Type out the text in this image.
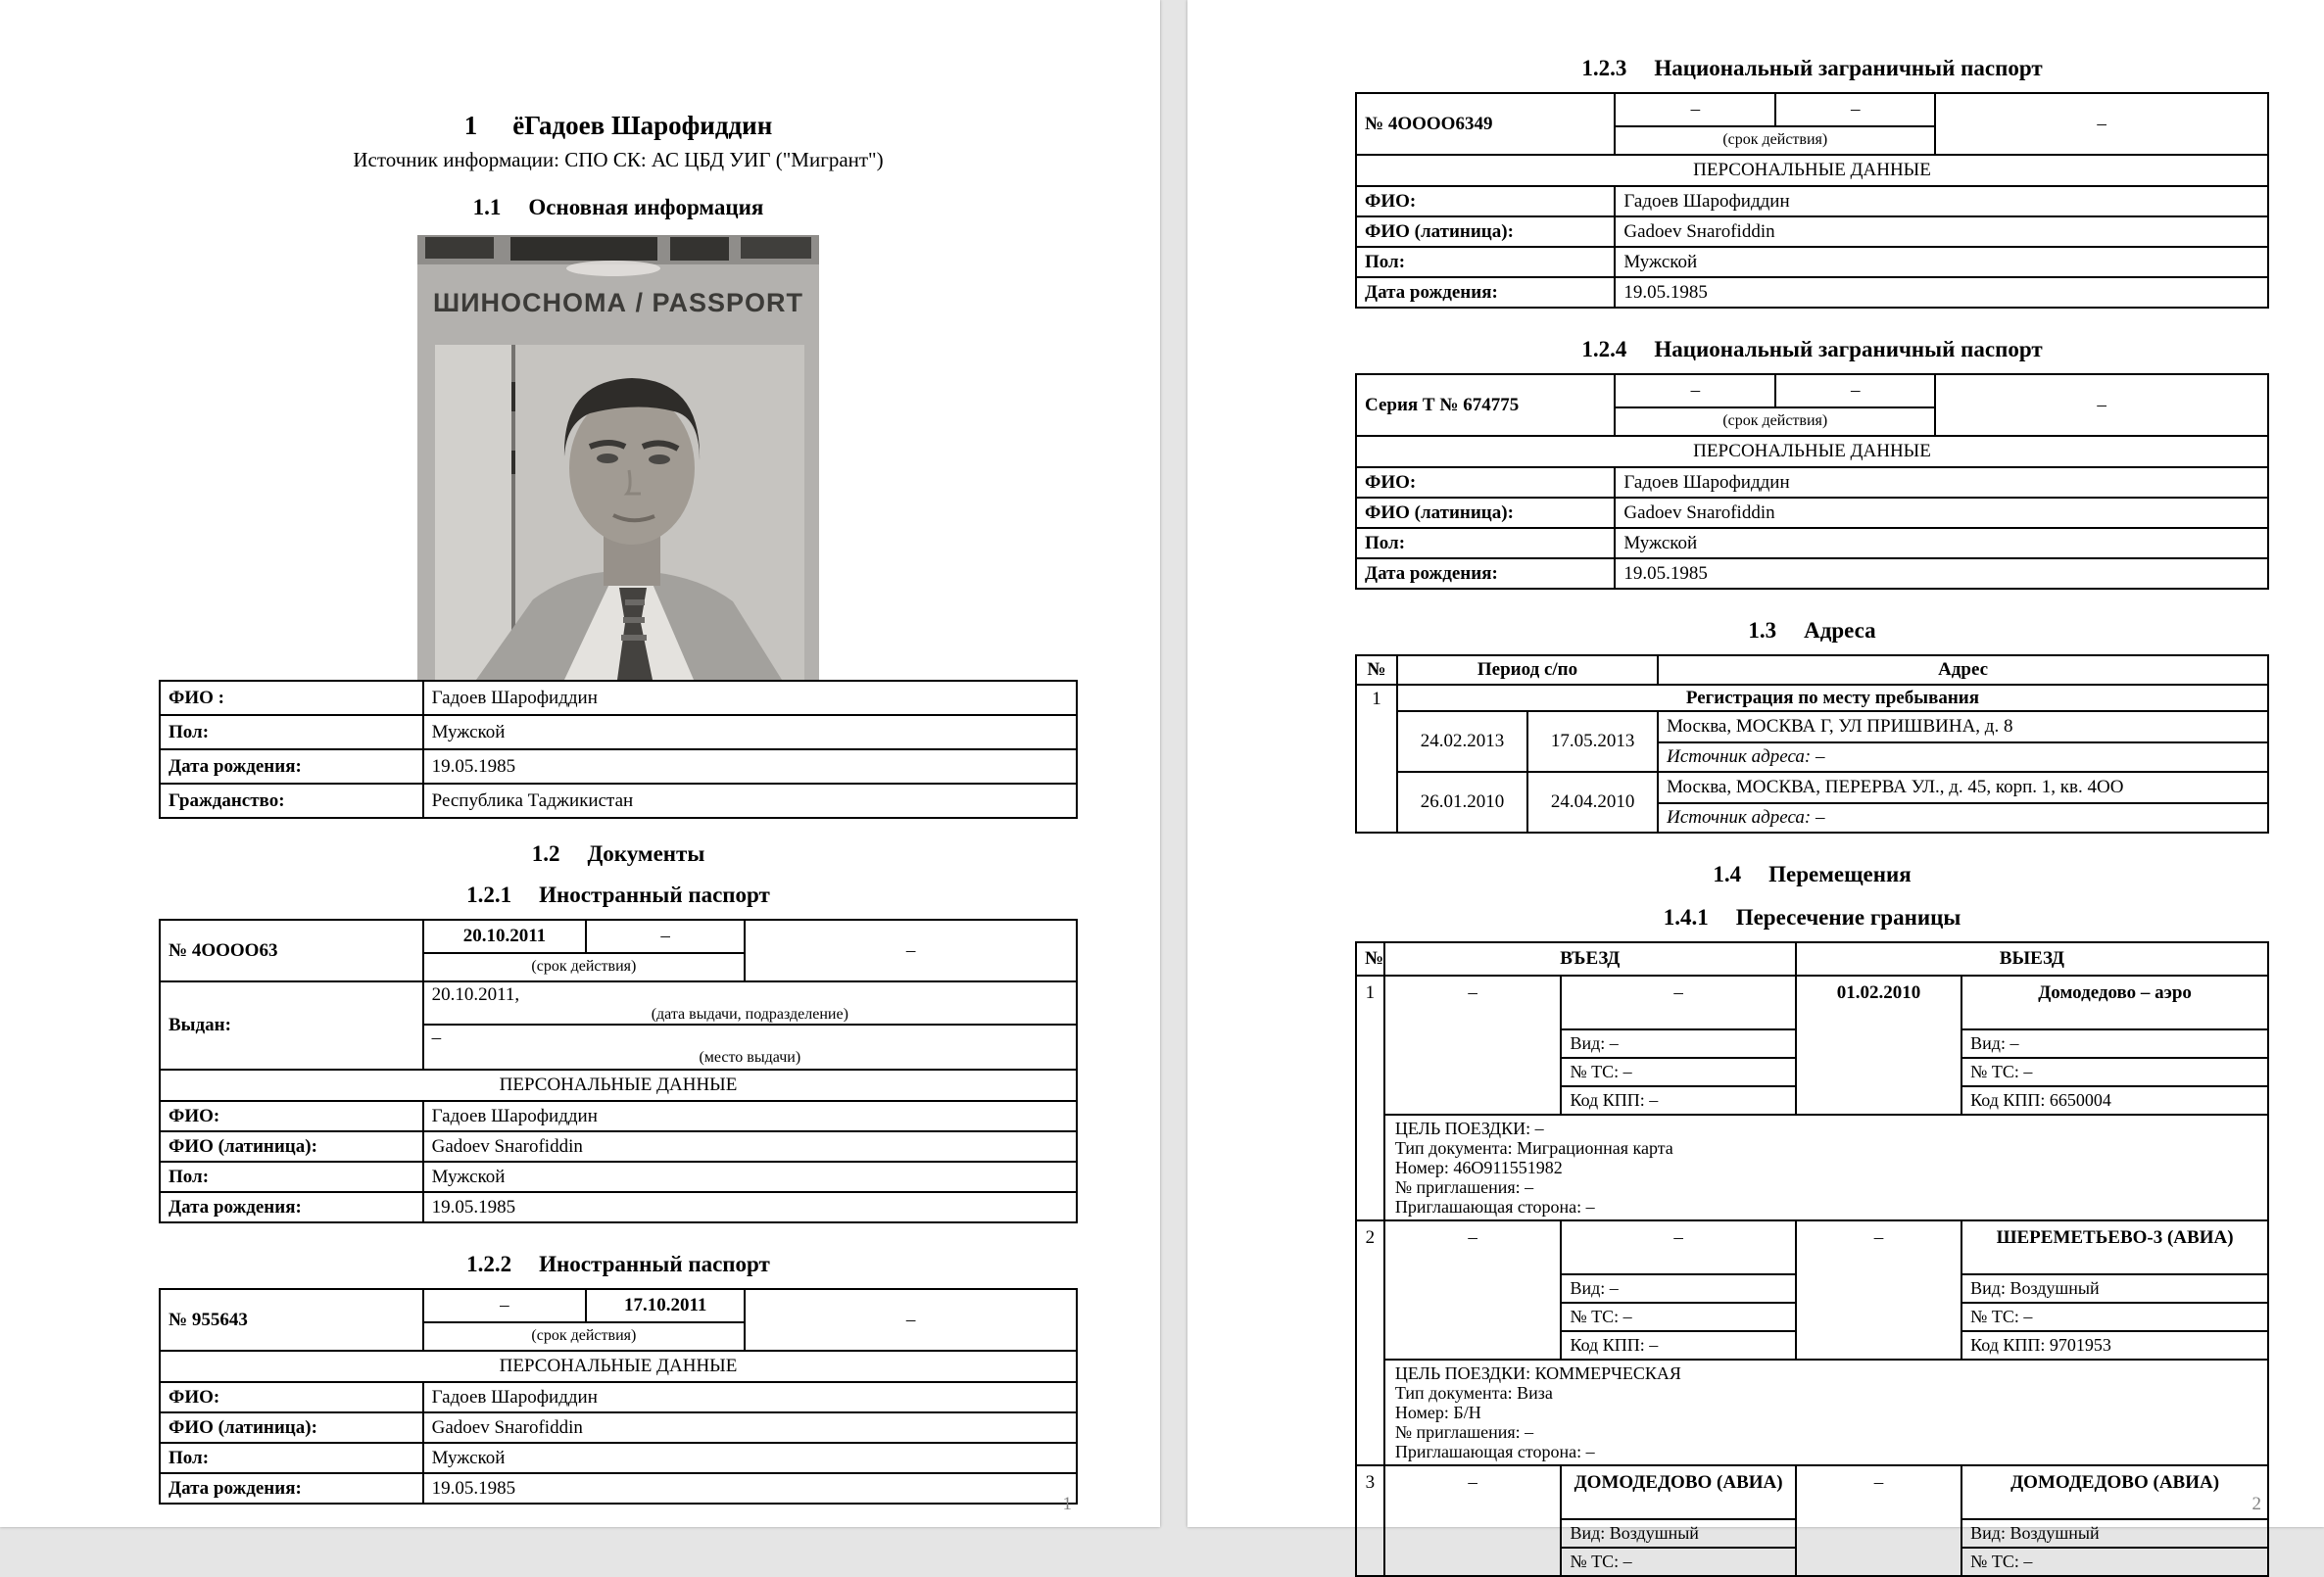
1 ёГадоев Шарофиддин
Источник информации: СПО СК: АС ЦБД УИГ ("Мигрант")
1.1 Основная информация
ШИНОСНОМА / PASSPORT
ФИО :	Гадоев Шарофиддин
Пол:	Мужской
Дата рождения:	19.05.1985
Гражданство:	Республика Таджикистан
1.2 Документы
1.2.1 Иностранный паспорт
№ 4ОООО63	20.10.2011	–	–
	(срок действия)		
Выдан:	20.10.2011,
(дата выдачи, подразделение)
–
(место выдачи)		

ПЕРСОНАЛЬНЫЕ ДАННЫЕ			
ФИО:	Гадоев Шарофиддин		
ФИО (латиница):	Gadoev Sнarofiddin		
Пол:	Мужской		
Дата рождения:	19.05.1985		
1.2.2 Иностранный паспорт
№ 955643	–	17.10.2011	–
	(срок действия)		
ПЕРСОНАЛЬНЫЕ ДАННЫЕ			
ФИО:	Гадоев Шарофиддин		
ФИО (латиница):	Gadoev Sнarofiddin		
Пол:	Мужской		
Дата рождения:	19.05.1985		
1
1.2.3 Национальный заграничный паспорт
№ 4ОООО6349	–	–	–
	(срок действия)		
ПЕРСОНАЛЬНЫЕ ДАННЫЕ			
ФИО:	Гадоев Шарофиддин		
ФИО (латиница):	Gadoev Sнarofiddin		
Пол:	Мужской		
Дата рождения:	19.05.1985		
1.2.4 Национальный заграничный паспорт
Серия Т № 674775	–	–	–
	(срок действия)		
ПЕРСОНАЛЬНЫЕ ДАННЫЕ			
ФИО:	Гадоев Шарофиддин		
ФИО (латиница):	Gadoev Sнarofiddin		
Пол:	Мужской		
Дата рождения:	19.05.1985		
1.3 Адреса
№	Период с/по		Адрес
1	Регистрация по месту пребывания		
	24.02.2013	17.05.2013	Москва, МОСКВА Г, УЛ ПРИШВИНА, д. 8
			Источник адреса: –
	26.01.2010	24.04.2010	Москва, МОСКВА, ПЕРЕРВА УЛ., д. 45, корп. 1, кв. 4ОО
			Источник адреса: –
1.4 Перемещения
1.4.1 Пересечение границы
№	ВЪЕЗД		ВЫЕЗД	
1	–	–	01.02.2010	Домодедово – аэро
		Вид: –		Вид: –
		№ ТС: –		№ ТС: –
		Код КПП: –		Код КПП: 6650004

	ЦЕЛЬ ПОЕЗДКИ: –
Тип документа: Миграционная карта
Номер: 46О911551982
№ приглашения: –
Приглашающая сторона: –			

2	–	–	–	ШЕРЕМЕТЬЕВО-3 (АВИА)
		Вид: –		Вид: Воздушный
		№ ТС: –		№ ТС: –
		Код КПП: –		Код КПП: 9701953

	ЦЕЛЬ ПОЕЗДКИ: КОММЕРЧЕСКАЯ
Тип документа: Виза
Номер: Б/Н
№ приглашения: –
Приглашающая сторона: –			

3	–	ДОМОДЕДОВО (АВИА)	–	ДОМОДЕДОВО (АВИА)
		Вид: Воздушный		Вид: Воздушный
		№ ТС: –		№ ТС: –
2
